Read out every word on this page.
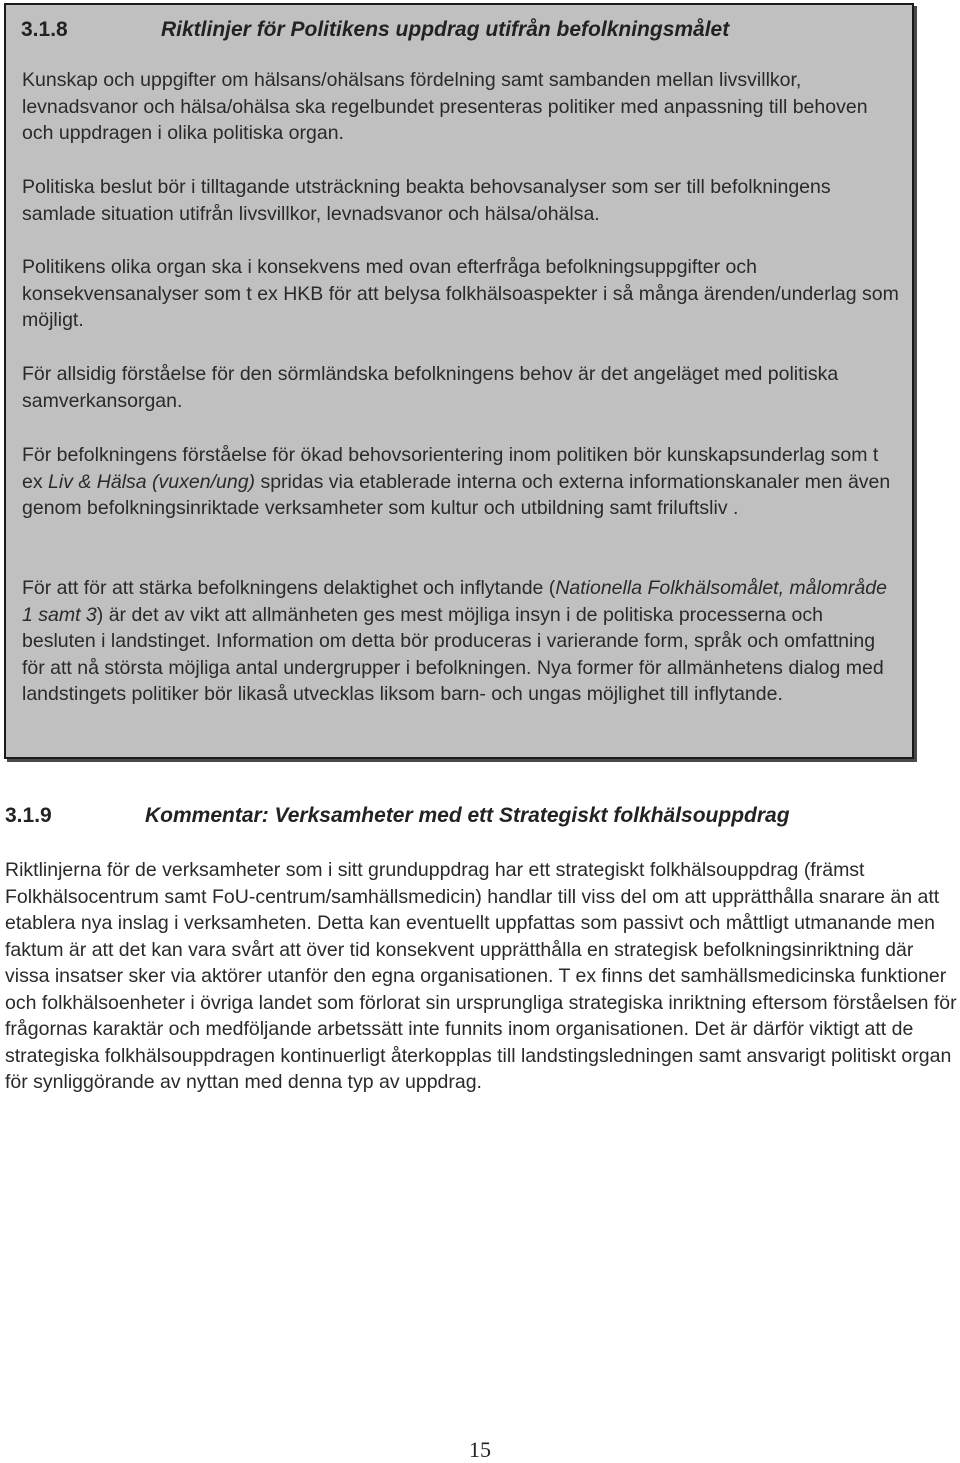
3.1.8	Riktlinjer för Politikens uppdrag utifrån befolkningsmålet

Kunskap och uppgifter om hälsans/ohälsans fördelning samt sambanden mellan livsvillkor, levnadsvanor och hälsa/ohälsa ska regelbundet presenteras politiker med anpassning till behoven och uppdragen i olika politiska organ.

Politiska beslut bör i tilltagande utsträckning beakta behovsanalyser som ser till befolkningens samlade situation utifrån livsvillkor, levnadsvanor och hälsa/ohälsa.

Politikens olika organ ska i konsekvens med ovan efterfråga befolkningsuppgifter och konsekvensanalyser som t ex HKB för att belysa folkhälsoaspekter i så många ärenden/underlag som möjligt.

För allsidig förståelse för den sörmländska befolkningens behov är det angeläget med politiska samverkansorgan.

För befolkningens förståelse för ökad behovsorientering inom politiken bör kunskapsunderlag som t ex Liv & Hälsa (vuxen/ung) spridas via etablerade interna och externa informationskanaler men även genom befolkningsinriktade verksamheter som kultur och utbildning samt friluftsliv .

För att för att stärka befolkningens delaktighet och inflytande (Nationella Folkhälsomålet, målområde 1 samt 3) är det av vikt att allmänheten ges mest möjliga insyn i de politiska processerna och besluten i landstinget. Information om detta bör produceras i varierande form, språk och omfattning för att nå största möjliga antal undergrupper i befolkningen. Nya former för allmänhetens dialog med landstingets politiker bör likaså utvecklas liksom barn- och ungas möjlighet till inflytande.

3.1.9	Kommentar: Verksamheter med ett Strategiskt folkhälsouppdrag

Riktlinjerna för de verksamheter som i sitt grunduppdrag har ett strategiskt folkhälsouppdrag (främst Folkhälsocentrum samt FoU-centrum/samhällsmedicin) handlar till viss del om att upprätthålla snarare än att etablera nya inslag i verksamheten. Detta kan eventuellt uppfattas som passivt och måttligt utmanande men faktum är att det kan vara svårt att över tid konsekvent upprätthålla en strategisk befolkningsinriktning där vissa insatser sker via aktörer utanför den egna organisationen. T ex finns det samhällsmedicinska funktioner och folkhälsoenheter i övriga landet som förlorat sin ursprungliga strategiska inriktning eftersom förståelsen för frågornas karaktär och medföljande arbetssätt inte funnits inom organisationen. Det är därför viktigt att de strategiska folkhälsouppdragen kontinuerligt återkopplas till landstingsledningen samt ansvarigt politiskt organ för synliggörande av nyttan med denna typ av uppdrag.

15
